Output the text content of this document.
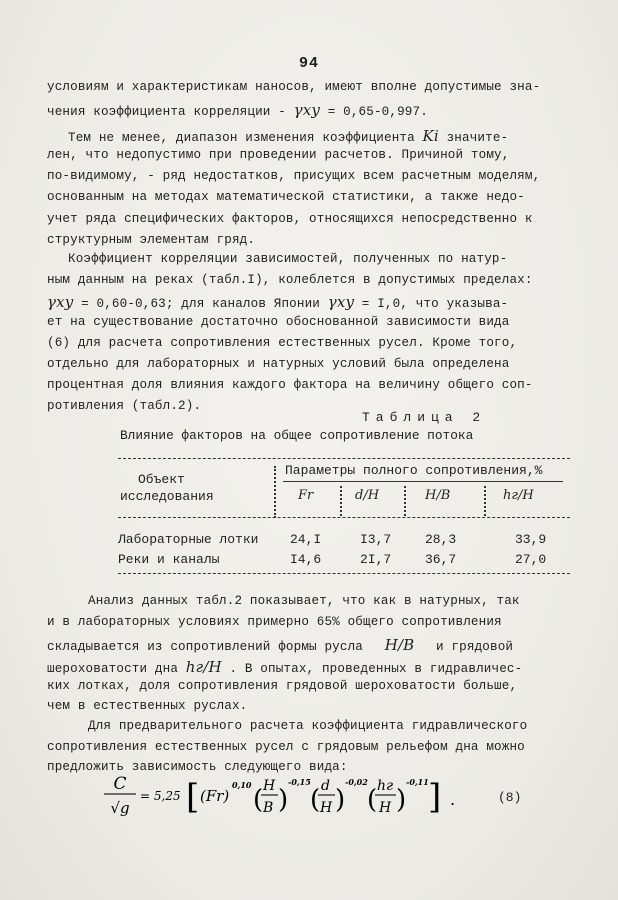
94
условиям и характеристикам наносов, имеют вполне допустимые зна-
чения коэффициента корреляции - γxy = 0,65-0,997.
Тем не менее, диапазон изменения коэффициента Ki значите-
лен, что недопустимо при проведении расчетов. Причиной тому,
по-видимому, - ряд недостатков, присущих всем расчетным моделям,
основанным на методах математической статистики, а также недо-
учет ряда специфических факторов, относящихся непосредственно к
структурным элементам гряд.
Коэффициент корреляции зависимостей, полученных по натур-
ным данным на реках (табл.I), колеблется в допустимых пределах:
γxy = 0,60-0,63; для каналов Японии γxy = I,0, что указыва-
ет на существование достаточно обоснованной зависимости вида
(6) для расчета сопротивления естественных русел. Кроме того,
отдельно для лабораторных и натурных условий была определена
процентная доля влияния каждого фактора на величину общего соп-
ротивления (табл.2).
Таблица 2
Влияние факторов на общее сопротивление потока
Объект
исследования
Параметры полного сопротивления,%
Fr	d/H	H/B	hг/H
Лабораторные лотки 24,I	I3,7	28,3	33,9
Реки и каналы	I4,6	2I,7	36,7	27,0
Анализ данных табл.2 показывает, что как в натурных, так
и в лабораторных условиях примерно 65% общего сопротивления
складывается из сопротивлений формы русла H/B и грядовой
шероховатости дна hг/H . В опытах, проведенных в гидравличес-
ких лотках, доля сопротивления грядовой шероховатости больше,
чем в естественных руслах.
Для предварительного расчета коэффициента гидравлического
сопротивления естественных русел с грядовым рельефом дна можно
предложить зависимость следующего вида:
C
√g
= 5,25 [ (Fr)
0,10 ( H
B )
-0,15
( d
H )
-0,02
( hг
H )
-0,11 ] .	(8)
